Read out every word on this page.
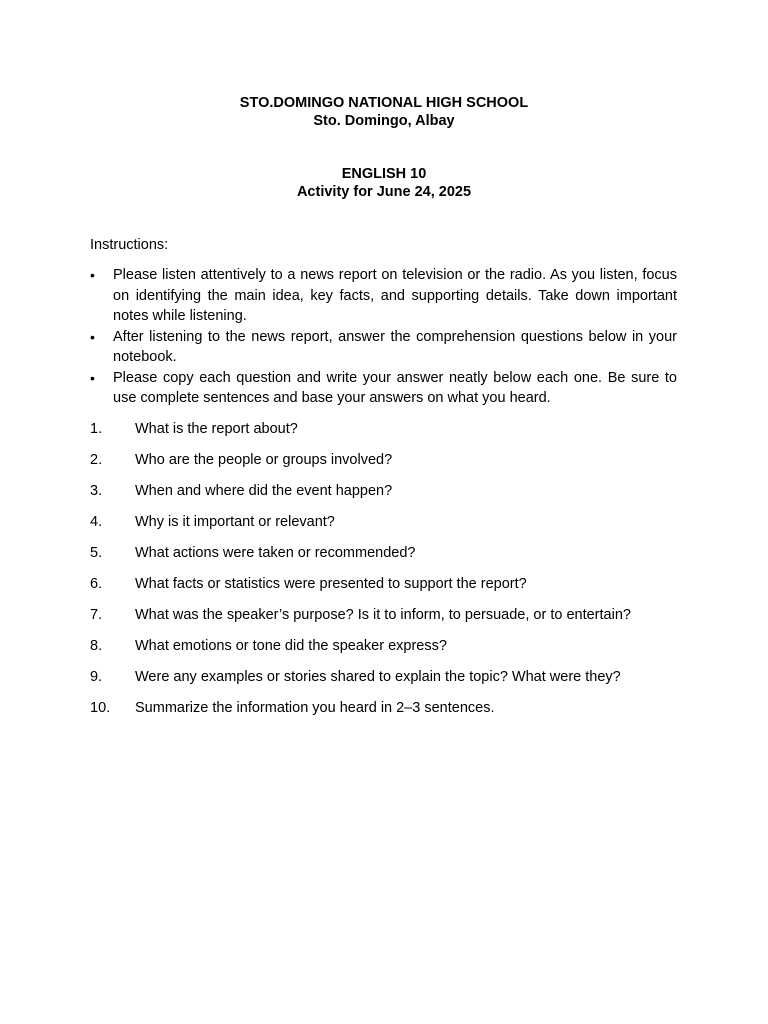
STO.DOMINGO NATIONAL HIGH SCHOOL
Sto. Domingo, Albay
ENGLISH 10
Activity for June 24, 2025
Instructions:
• Please listen attentively to a news report on television or the radio. As you listen, focus on identifying the main idea, key facts, and supporting details. Take down important notes while listening.
• After listening to the news report, answer the comprehension questions below in your notebook.
• Please copy each question and write your answer neatly below each one. Be sure to use complete sentences and base your answers on what you heard.
1. What is the report about?
2. Who are the people or groups involved?
3. When and where did the event happen?
4. Why is it important or relevant?
5. What actions were taken or recommended?
6. What facts or statistics were presented to support the report?
7. What was the speaker’s purpose? Is it to inform, to persuade, or to entertain?
8. What emotions or tone did the speaker express?
9. Were any examples or stories shared to explain the topic? What were they?
10. Summarize the information you heard in 2–3 sentences.
